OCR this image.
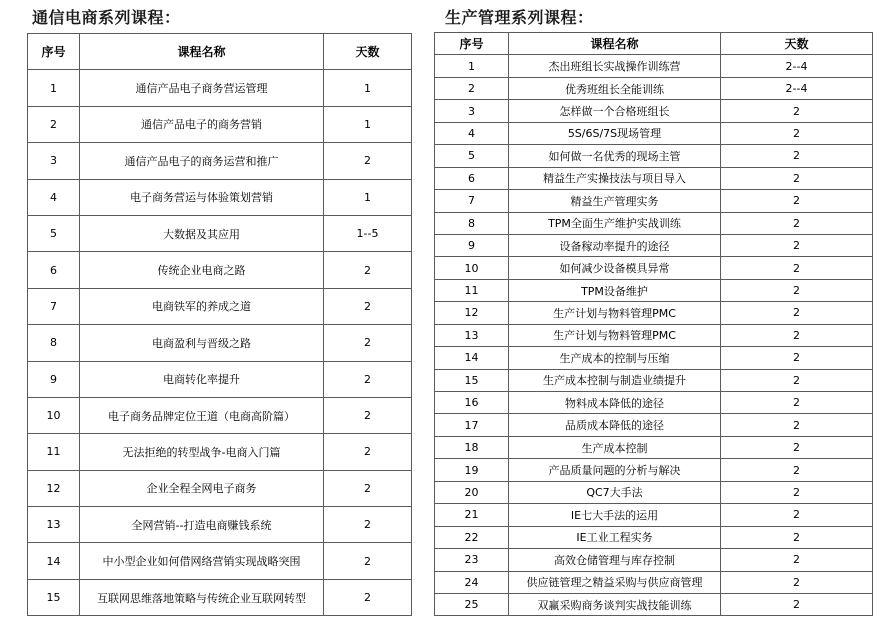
通信电商系列课程：	生产管理系列课程：
序号	课程名称	天数
1	通信产品电子商务营运管理	1
2	通信产品电子的商务营销	1
3	通信产品电子的商务运营和推广	2
4	电子商务营运与体验策划营销	1
5	大数据及其应用	1--5
6	传统企业电商之路	2
7	电商铁军的养成之道	2
8	电商盈利与晋级之路	2
9	电商转化率提升	2
10	电子商务品牌定位王道（电商高阶篇）	2
11	无法拒绝的转型战争-电商入门篇	2
12	企业全程全网电子商务	2
13	全网营销--打造电商赚钱系统	2
14	中小型企业如何借网络营销实现战略突围	2
15	互联网思维落地策略与传统企业互联网转型	2
序号	课程名称	天数
1	杰出班组长实战操作训练营	2--4
2	优秀班组长全能训练	2--4
3	怎样做一个合格班组长	2
4	5S/6S/7S现场管理	2
5	如何做一名优秀的现场主管	2
6	精益生产实操技法与项目导入	2
7	精益生产管理实务	2
8	TPM全面生产维护实战训练	2
9	设备稼动率提升的途径	2
10	如何减少设备模具异常	2
11	TPM设备维护	2
12	生产计划与物料管理PMC	2
13	生产计划与物料管理PMC	2
14	生产成本的控制与压缩	2
15	生产成本控制与制造业绩提升	2
16	物料成本降低的途径	2
17	品质成本降低的途径	2
18	生产成本控制	2
19	产品质量问题的分析与解决	2
20	QC7大手法	2
21	IE七大手法的运用	2
22	IE工业工程实务	2
23	高效仓储管理与库存控制	2
24	供应链管理之精益采购与供应商管理	2
25	双赢采购商务谈判实战技能训练	2
